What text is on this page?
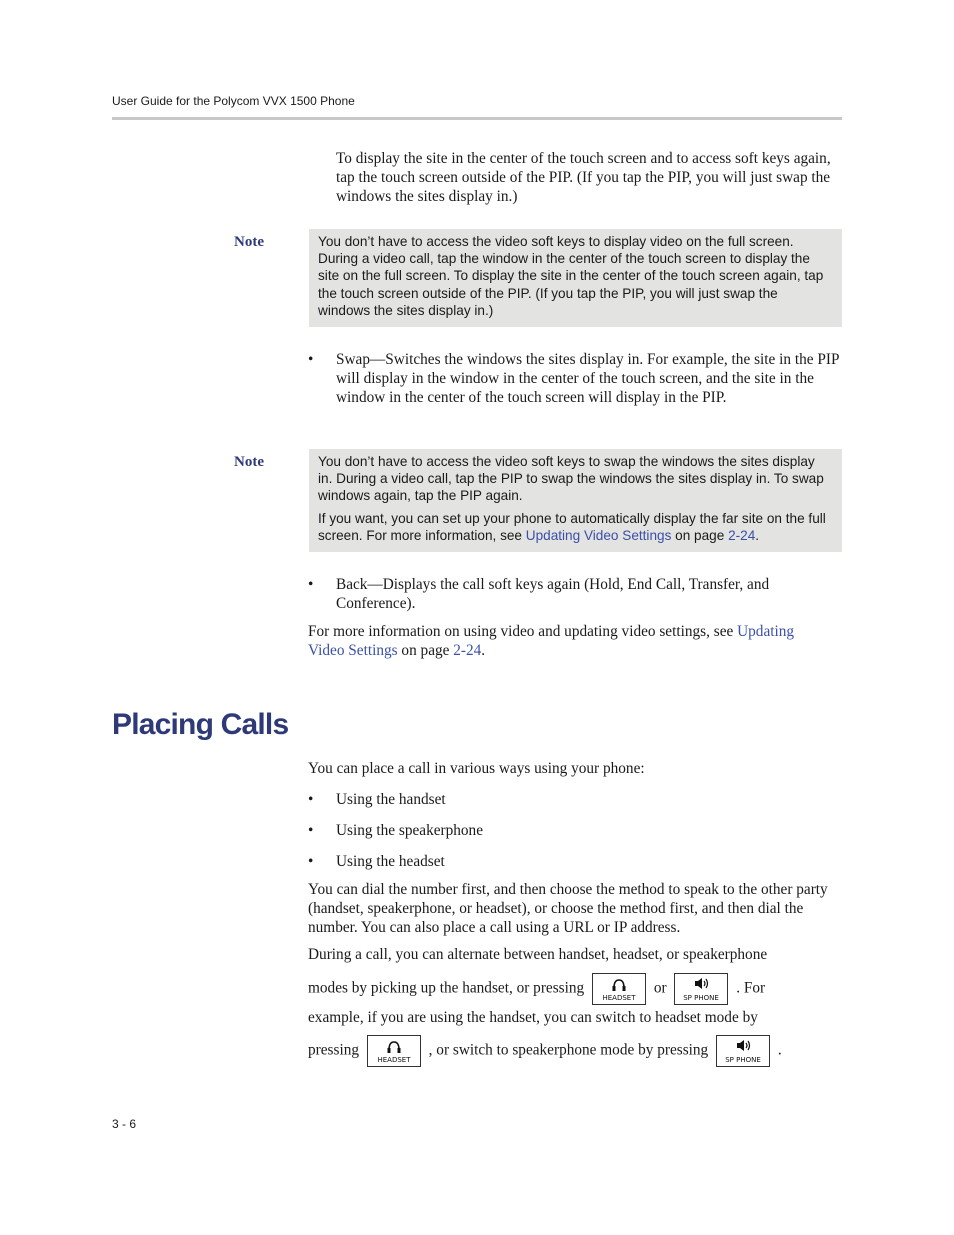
User Guide for the Polycom VVX 1500 Phone

To display the site in the center of the touch screen and to access soft keys again, tap the touch screen outside of the PIP. (If you tap the PIP, you will just swap the windows the sites display in.)

Note	You don’t have to access the video soft keys to display video on the full screen. During a video call, tap the window in the center of the touch screen to display the site on the full screen. To display the site in the center of the touch screen again, tap the touch screen outside of the PIP. (If you tap the PIP, you will just swap the windows the sites display in.)

• Swap—Switches the windows the sites display in. For example, the site in the PIP will display in the window in the center of the touch screen, and the site in the window in the center of the touch screen will display in the PIP.
Note	You don’t have to access the video soft keys to swap the windows the sites display in. During a video call, tap the PIP to swap the windows the sites display in. To swap windows again, tap the PIP again.

If you want, you can set up your phone to automatically display the far site on the full screen. For more information, see Updating Video Settings on page 2-24.

• Back—Displays the call soft keys again (Hold, End Call, Transfer, and Conference).

For more information on using video and updating video settings, see Updating Video Settings on page 2-24.

Placing Calls

You can place a call in various ways using your phone:

• Using the handset
• Using the speakerphone
• Using the headset

You can dial the number first, and then choose the method to speak to the other party (handset, speakerphone, or headset), or choose the method first, and then dial the number. You can also place a call using a URL or IP address.

During a call, you can alternate between handset, headset, or speakerphone
modes by picking up the handset, or pressing
HEADSET
or
SP PHONE
. For
example, if you are using the handset, you can switch to headset mode by
pressing
HEADSET
, or switch to speakerphone mode by pressing
SP PHONE
.
3 - 6
